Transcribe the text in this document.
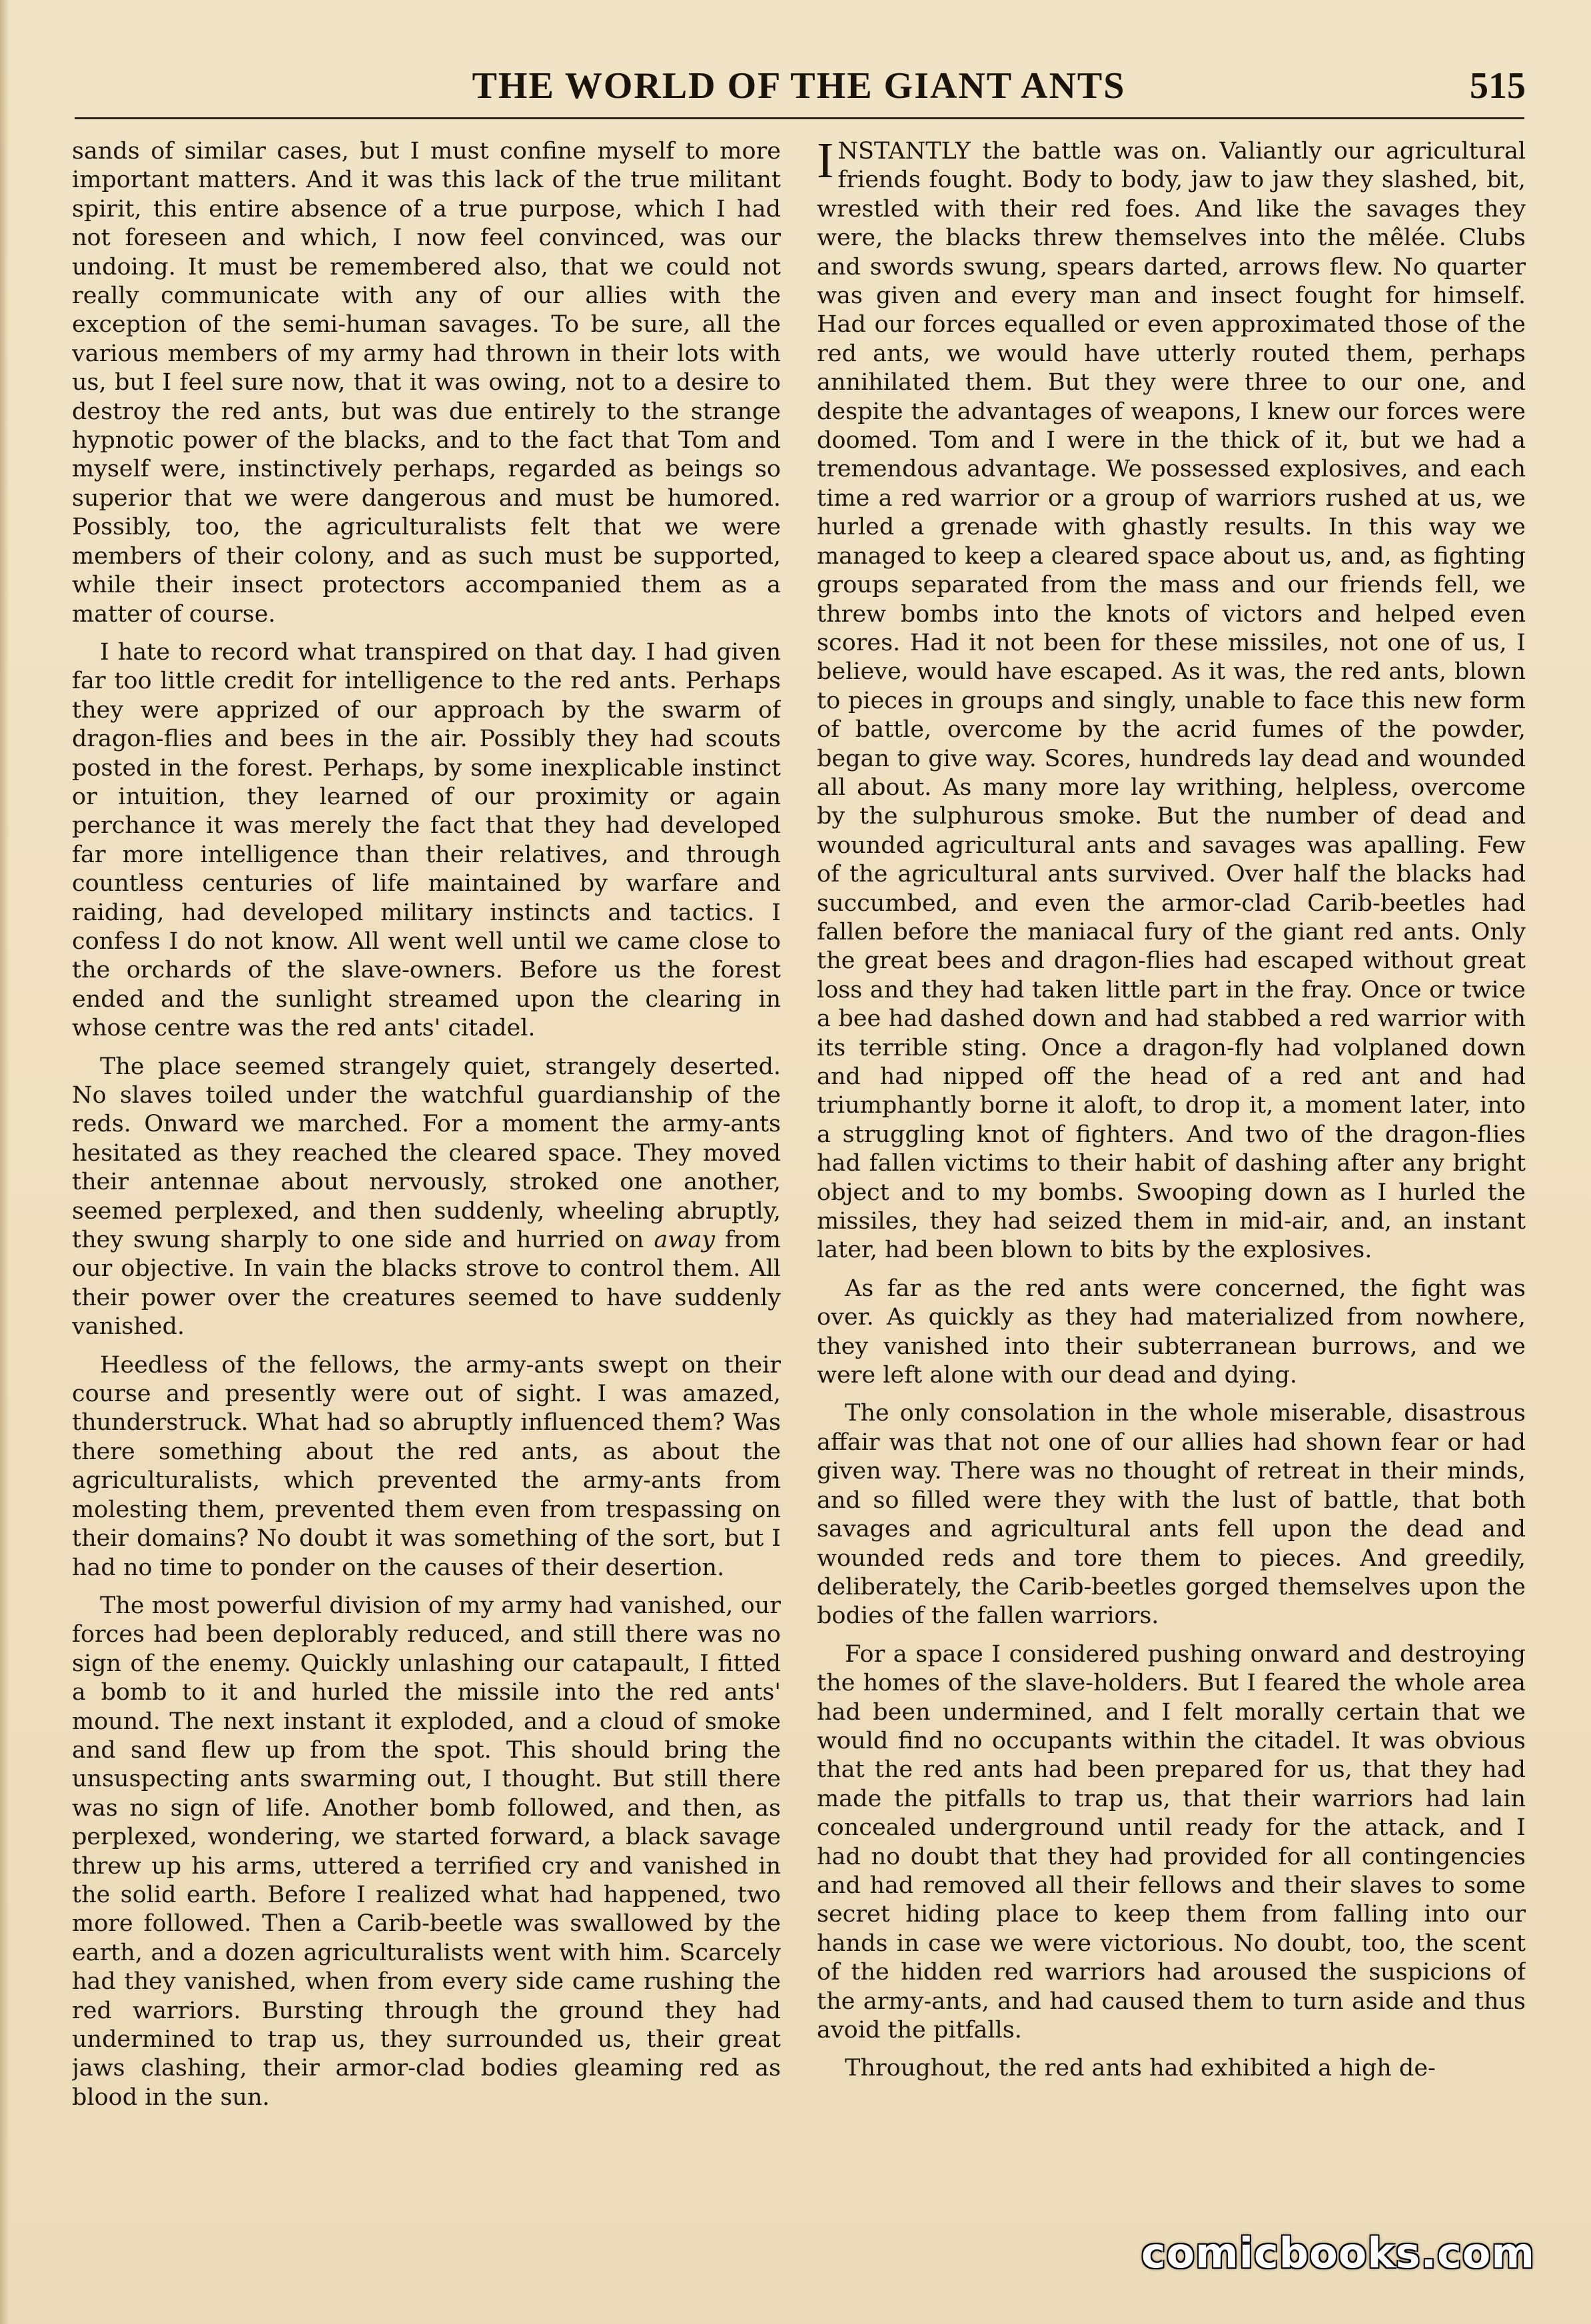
THE WORLD OF THE GIANT ANTS	515

sands of similar cases, but I must confine myself to more important matters. And it was this lack of the true militant spirit, this entire absence of a true purpose, which I had not foreseen and which, I now feel convinced, was our undoing. It must be remembered also, that we could not really communicate with any of our allies with the exception of the semi-human savages. To be sure, all the various members of my army had thrown in their lots with us, but I feel sure now, that it was owing, not to a desire to destroy the red ants, but was due entirely to the strange hypnotic power of the blacks, and to the fact that Tom and myself were, instinctively perhaps, regarded as beings so superior that we were dangerous and must be humored. Possibly, too, the agriculturalists felt that we were members of their colony, and as such must be supported, while their insect protectors accompanied them as a matter of course.

I hate to record what transpired on that day. I had given far too little credit for intelligence to the red ants. Perhaps they were apprized of our approach by the swarm of dragon-flies and bees in the air. Possibly they had scouts posted in the forest. Perhaps, by some inexplicable instinct or intuition, they learned of our proximity or again perchance it was merely the fact that they had developed far more intelligence than their relatives, and through countless centuries of life maintained by warfare and raiding, had developed military instincts and tactics. I confess I do not know. All went well until we came close to the orchards of the slave-owners. Before us the forest ended and the sunlight streamed upon the clearing in whose centre was the red ants' citadel.

The place seemed strangely quiet, strangely deserted. No slaves toiled under the watchful guardianship of the reds. Onward we marched. For a moment the army-ants hesitated as they reached the cleared space. They moved their antennae about nervously, stroked one another, seemed perplexed, and then suddenly, wheeling abruptly, they swung sharply to one side and hurried on away from our objective. In vain the blacks strove to control them. All their power over the creatures seemed to have suddenly vanished.

Heedless of the fellows, the army-ants swept on their course and presently were out of sight. I was amazed, thunderstruck. What had so abruptly influenced them? Was there something about the red ants, as about the agriculturalists, which prevented the army-ants from molesting them, prevented them even from trespassing on their domains? No doubt it was something of the sort, but I had no time to ponder on the causes of their desertion.

The most powerful division of my army had vanished, our forces had been deplorably reduced, and still there was no sign of the enemy. Quickly unlashing our catapault, I fitted a bomb to it and hurled the missile into the red ants' mound. The next instant it exploded, and a cloud of smoke and sand flew up from the spot. This should bring the unsuspecting ants swarming out, I thought. But still there was no sign of life. Another bomb followed, and then, as perplexed, wondering, we started forward, a black savage threw up his arms, uttered a terrified cry and vanished in the solid earth. Before I realized what had happened, two more followed. Then a Carib-beetle was swallowed by the earth, and a dozen agriculturalists went with him. Scarcely had they vanished, when from every side came rushing the red warriors. Bursting through the ground they had undermined to trap us, they surrounded us, their great jaws clashing, their armor-clad bodies gleaming red as blood in the sun.

INSTANTLY the battle was on. Valiantly our agricultural friends fought. Body to body, jaw to jaw they slashed, bit, wrestled with their red foes. And like the savages they were, the blacks threw themselves into the mêlée. Clubs and swords swung, spears darted, arrows flew. No quarter was given and every man and insect fought for himself. Had our forces equalled or even approximated those of the red ants, we would have utterly routed them, perhaps annihilated them. But they were three to our one, and despite the advantages of weapons, I knew our forces were doomed. Tom and I were in the thick of it, but we had a tremendous advantage. We possessed explosives, and each time a red warrior or a group of warriors rushed at us, we hurled a grenade with ghastly results. In this way we managed to keep a cleared space about us, and, as fighting groups separated from the mass and our friends fell, we threw bombs into the knots of victors and helped even scores. Had it not been for these missiles, not one of us, I believe, would have escaped. As it was, the red ants, blown to pieces in groups and singly, unable to face this new form of battle, overcome by the acrid fumes of the powder, began to give way. Scores, hundreds lay dead and wounded all about. As many more lay writhing, helpless, overcome by the sulphurous smoke. But the number of dead and wounded agricultural ants and savages was apalling. Few of the agricultural ants survived. Over half the blacks had succumbed, and even the armor-clad Carib-beetles had fallen before the maniacal fury of the giant red ants. Only the great bees and dragon-flies had escaped without great loss and they had taken little part in the fray. Once or twice a bee had dashed down and had stabbed a red warrior with its terrible sting. Once a dragon-fly had volplaned down and had nipped off the head of a red ant and had triumphantly borne it aloft, to drop it, a moment later, into a struggling knot of fighters. And two of the dragon-flies had fallen victims to their habit of dashing after any bright object and to my bombs. Swooping down as I hurled the missiles, they had seized them in mid-air, and, an instant later, had been blown to bits by the explosives.

As far as the red ants were concerned, the fight was over. As quickly as they had materialized from nowhere, they vanished into their subterranean burrows, and we were left alone with our dead and dying.

The only consolation in the whole miserable, disastrous affair was that not one of our allies had shown fear or had given way. There was no thought of retreat in their minds, and so filled were they with the lust of battle, that both savages and agricultural ants fell upon the dead and wounded reds and tore them to pieces. And greedily, deliberately, the Carib-beetles gorged themselves upon the bodies of the fallen warriors.

For a space I considered pushing onward and destroying the homes of the slave-holders. But I feared the whole area had been undermined, and I felt morally certain that we would find no occupants within the citadel. It was obvious that the red ants had been prepared for us, that they had made the pitfalls to trap us, that their warriors had lain concealed underground until ready for the attack, and I had no doubt that they had provided for all contingencies and had removed all their fellows and their slaves to some secret hiding place to keep them from falling into our hands in case we were victorious. No doubt, too, the scent of the hidden red warriors had aroused the suspicions of the army-ants, and had caused them to turn aside and thus avoid the pitfalls.

Throughout, the red ants had exhibited a high de-

comicbooks.com
